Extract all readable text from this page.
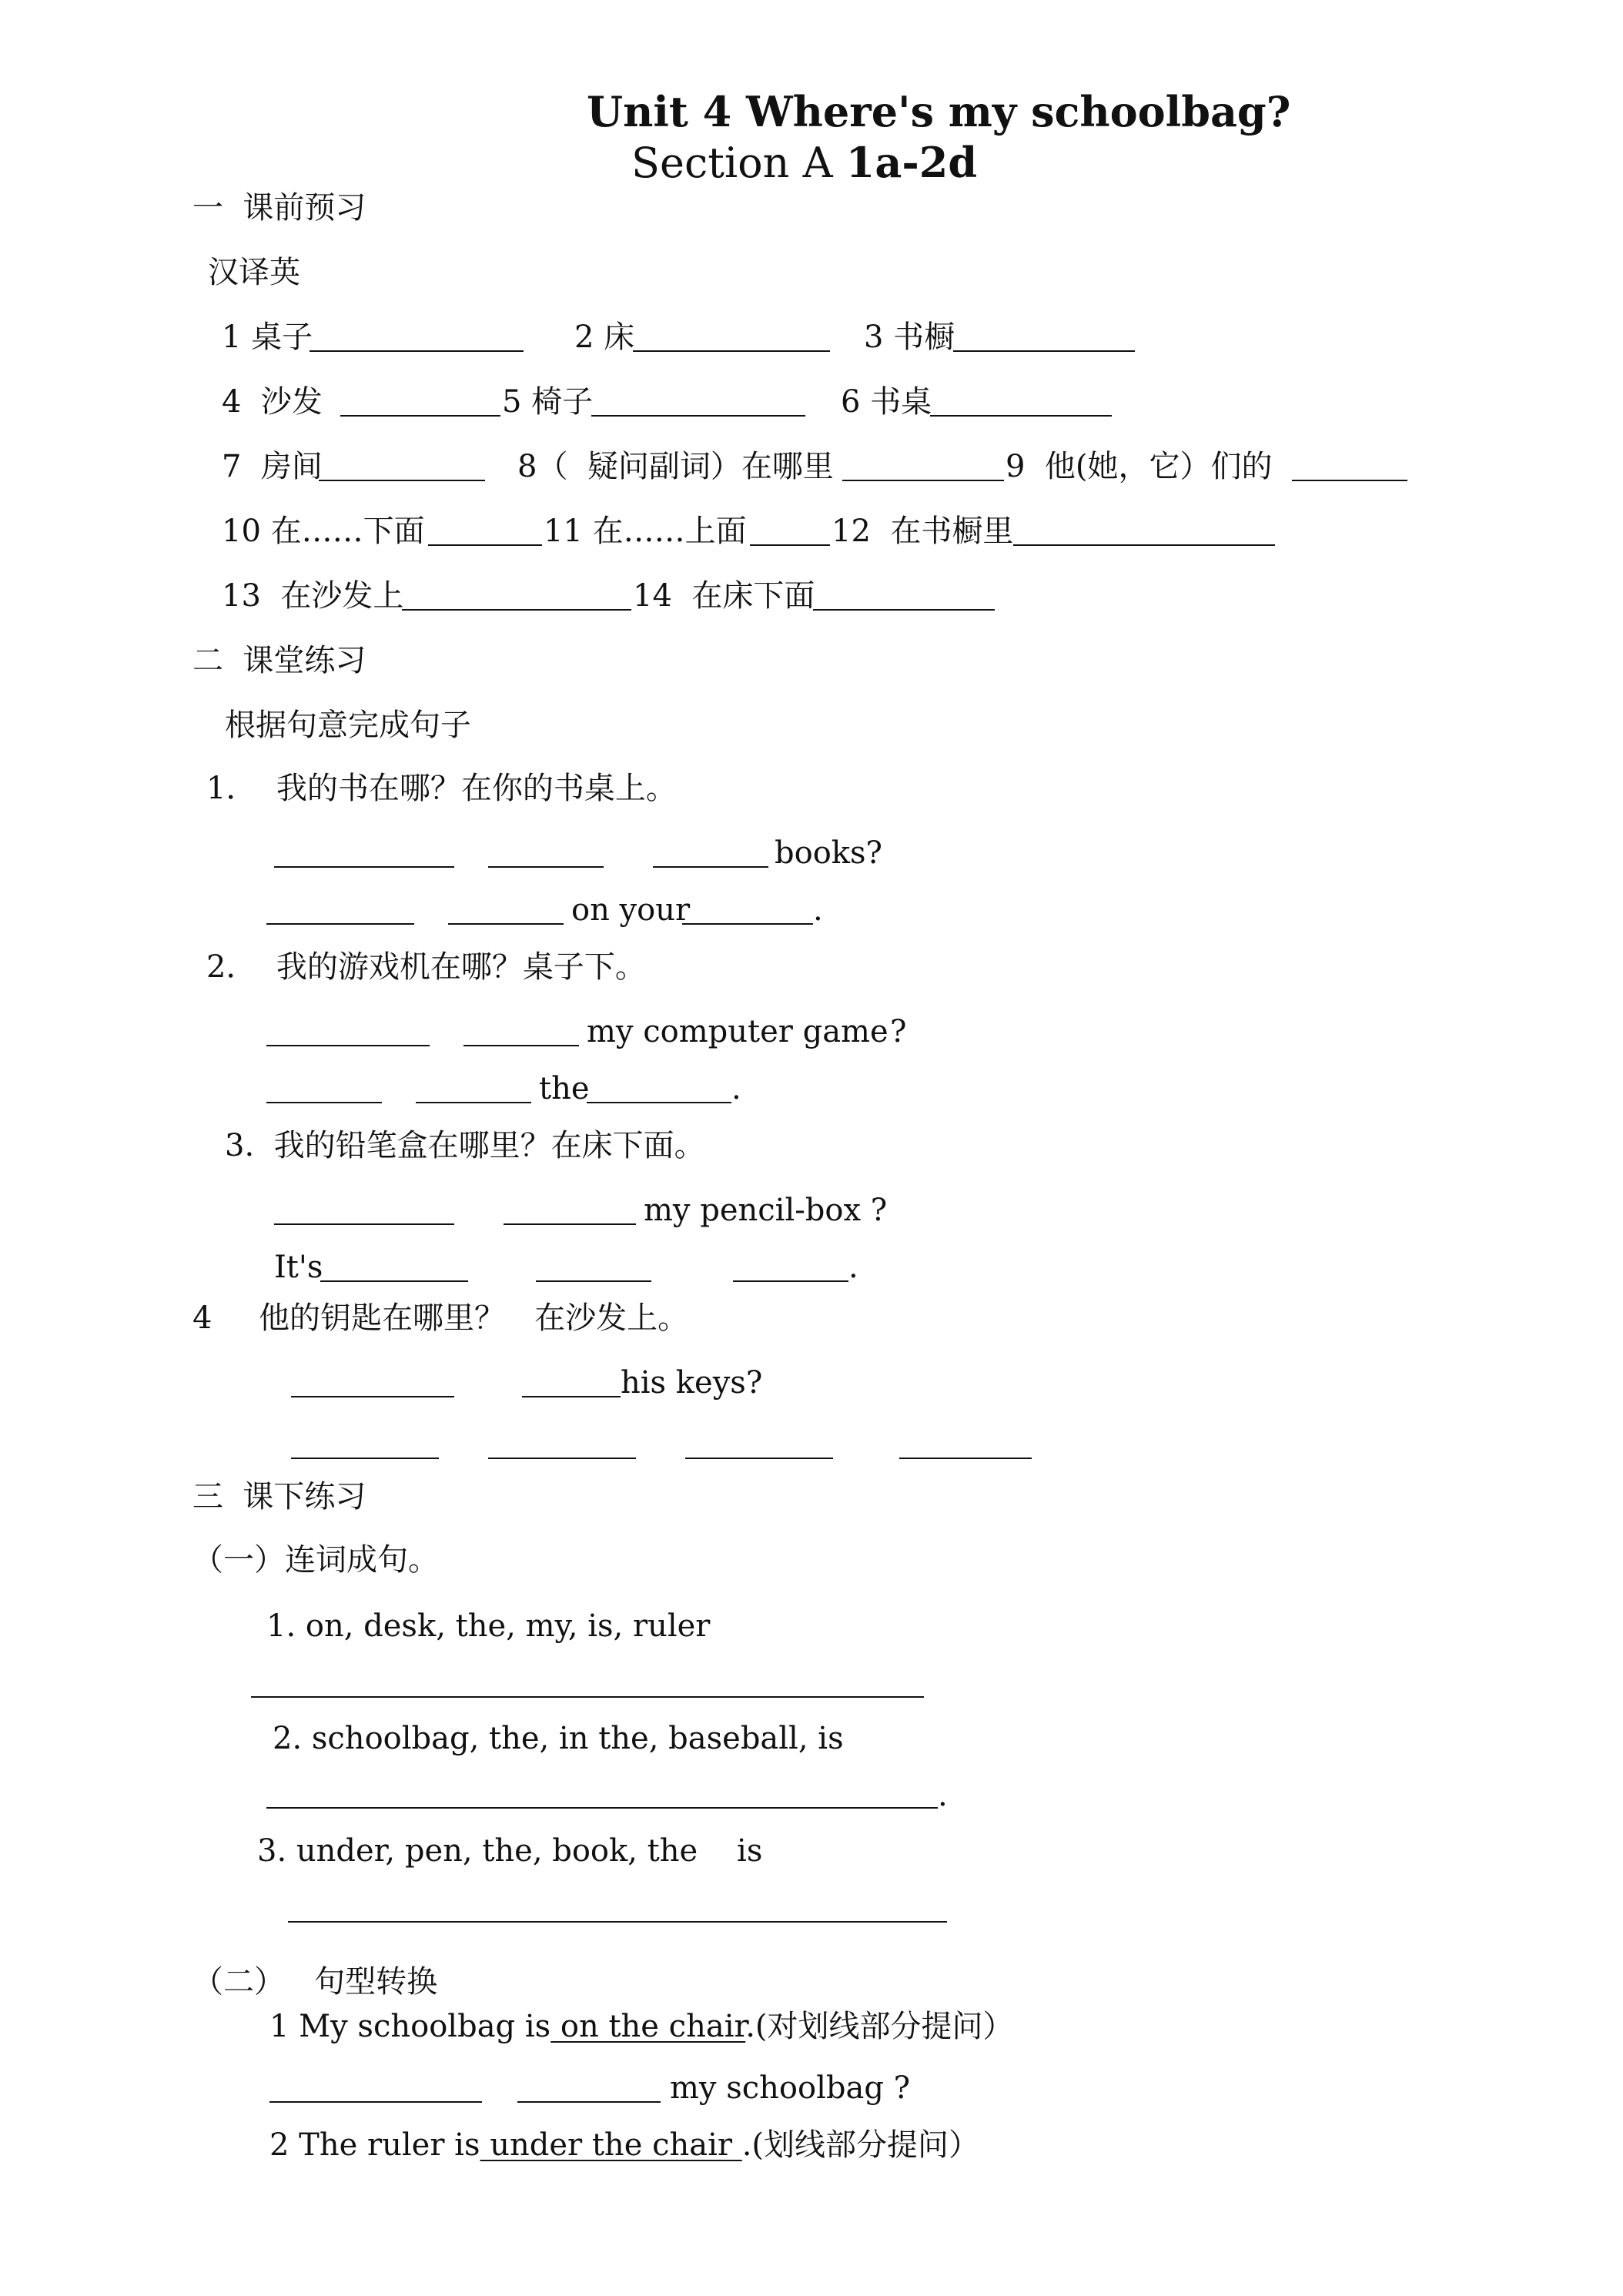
Unit 4 Where's my schoolbag?
Section A 1a-2d
一  课前预习
汉译英
1 桌子	2 床	3 书橱
4  沙发	5 椅子	6 书桌
7  房间	8（  疑问副词）在哪里	9  他(她，它）们的
10 在……下面	11 在……上面	12  在书橱里
13  在沙发上	14  在床下面
二  课堂练习
根据句意完成句子
1．  我的书在哪？在你的书桌上。
books?
on your	.
2．  我的游戏机在哪？桌子下。
my computer game ?
the	.
3.  我的铅笔盒在哪里？在床下面。
my pencil-box ?
It's	.
4 他的钥匙在哪里？   在沙发上。
his keys?
三  课下练习
（一）连词成句。
1. on, desk, the, my, is, ruler
2. schoolbag, the, in the, baseball, is
.
3. under, pen, the, book, the    is
（二）   句型转换
1 My schoolbag is on the chair.(对划线部分提问）
my schoolbag ?
2 The ruler is under the chair .(划线部分提问）
